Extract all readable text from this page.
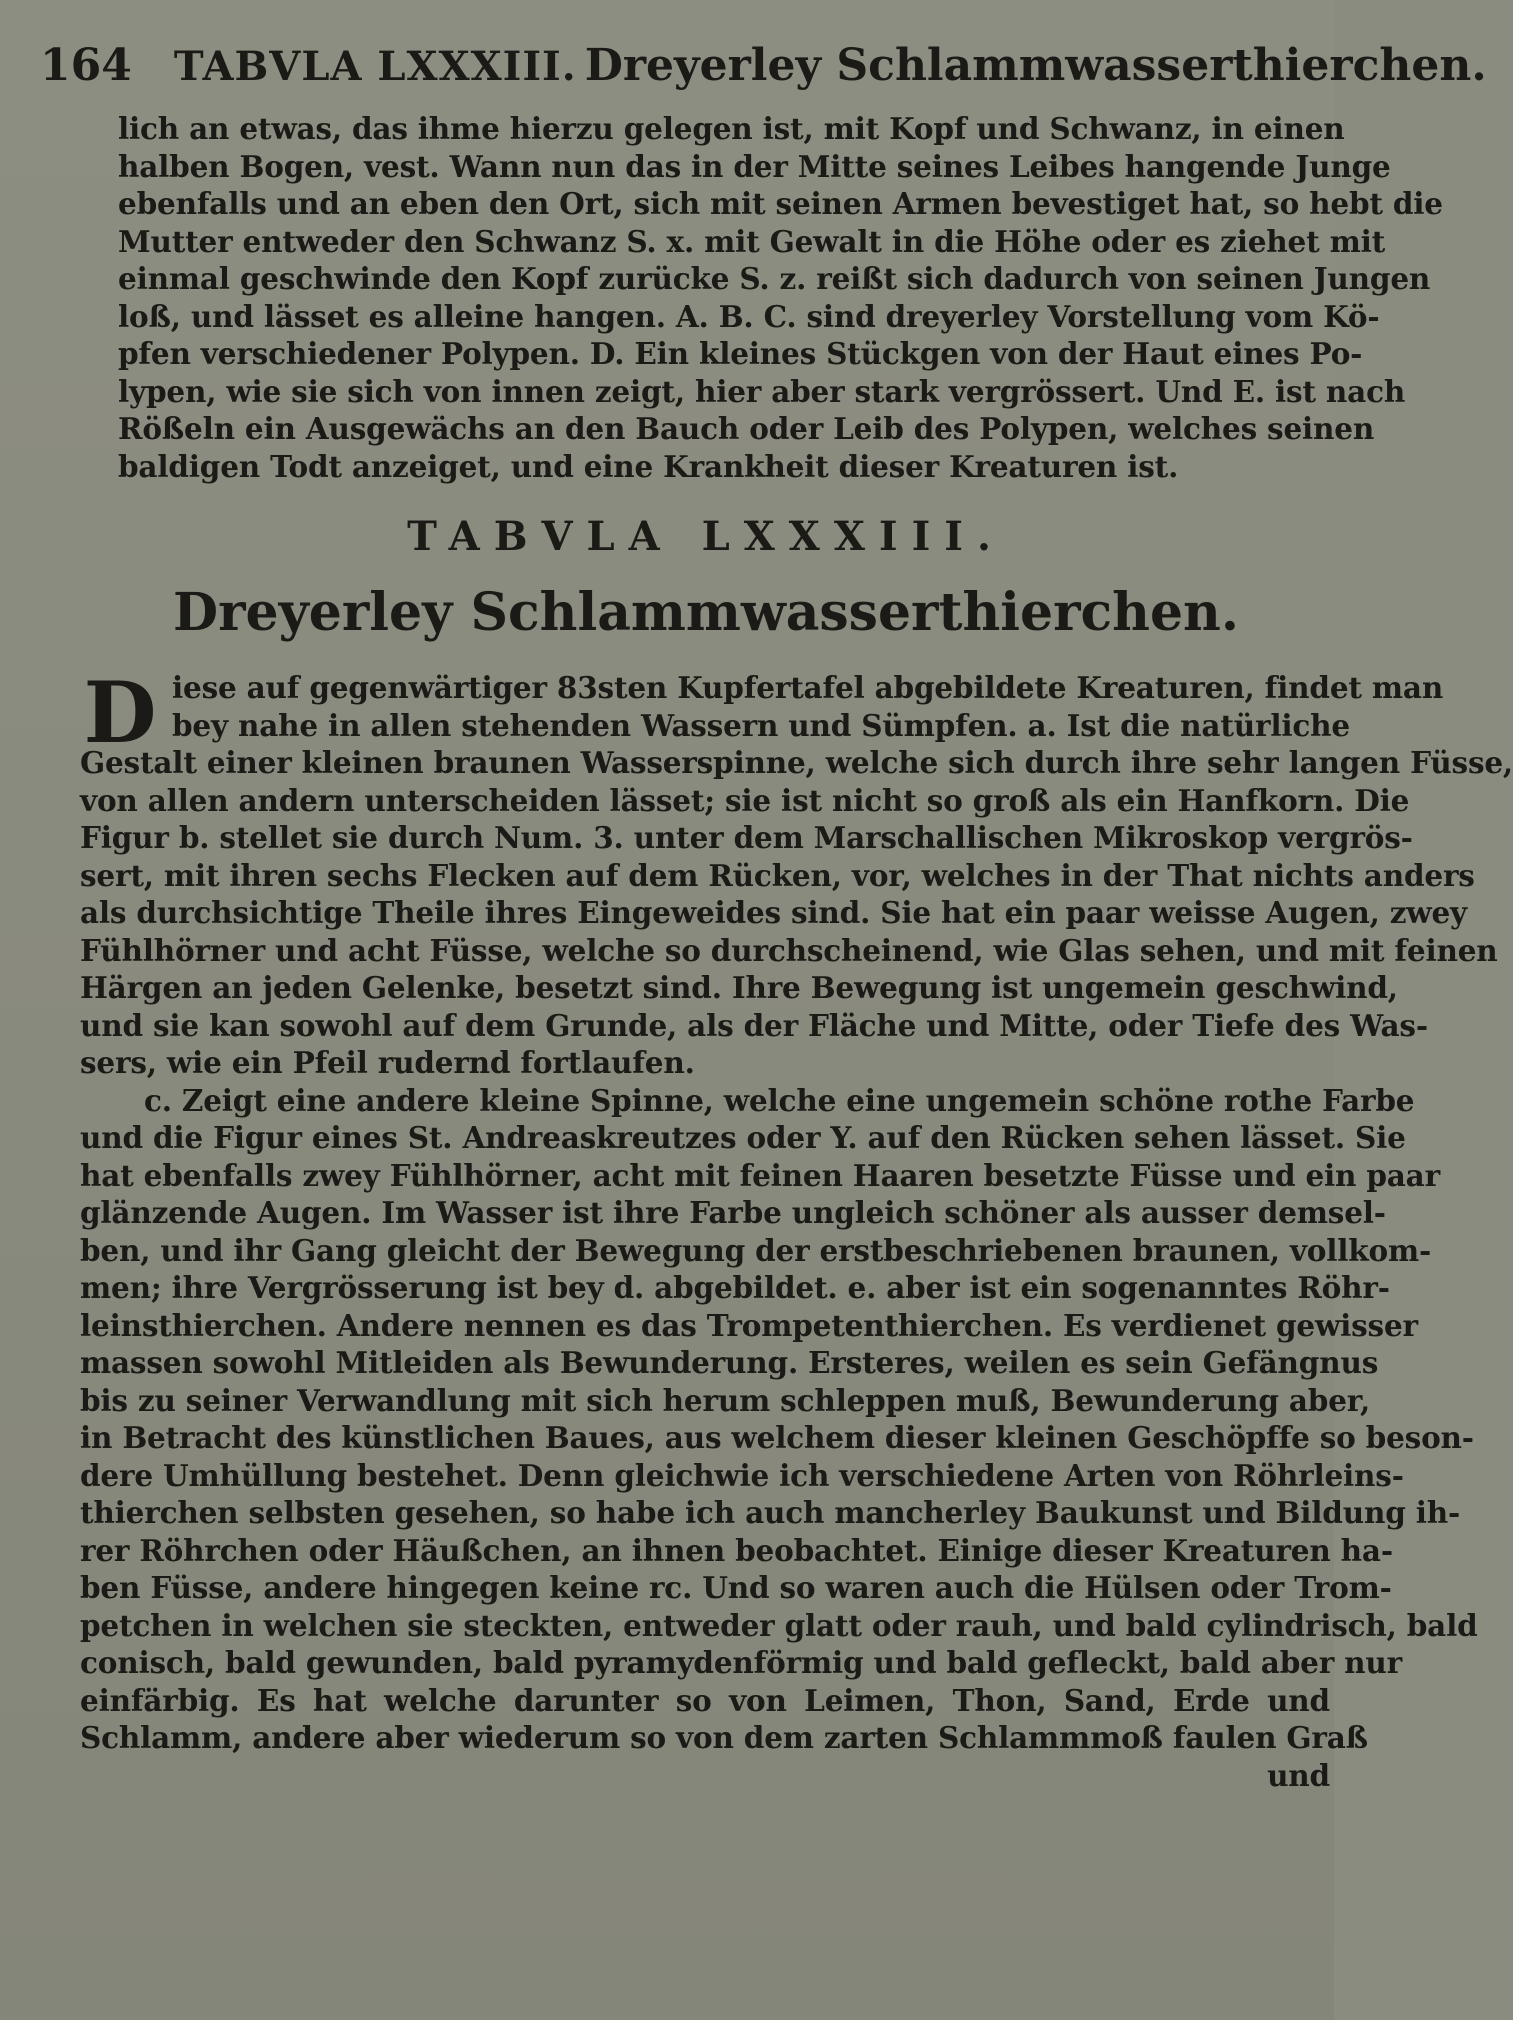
164 TABVLA LXXXIII. Dreyerley Schlammwasserthierchen.
lich an etwas, das ihme hierzu gelegen ist, mit Kopf und Schwanz, in einen
halben Bogen, vest. Wann nun das in der Mitte seines Leibes hangende Junge
ebenfalls und an eben den Ort, sich mit seinen Armen bevestiget hat, so hebt die
Mutter entweder den Schwanz S. x. mit Gewalt in die Höhe oder es ziehet mit
einmal geschwinde den Kopf zurücke S. z. reißt sich dadurch von seinen Jungen
loß, und lässet es alleine hangen. A. B. C. sind dreyerley Vorstellung vom Kö-
pfen verschiedener Polypen. D. Ein kleines Stückgen von der Haut eines Po-
lypen, wie sie sich von innen zeigt, hier aber stark vergrössert. Und E. ist nach
Rößeln ein Ausgewächs an den Bauch oder Leib des Polypen, welches seinen
baldigen Todt anzeiget, und eine Krankheit dieser Kreaturen ist.
TABVLA LXXXIII.
Dreyerley Schlammwasserthierchen.
D iese auf gegenwärtiger 83sten Kupfertafel abgebildete Kreaturen, findet man
bey nahe in allen stehenden Wassern und Sümpfen. a. Ist die natürliche
Gestalt einer kleinen braunen Wasserspinne, welche sich durch ihre sehr langen Füsse,
von allen andern unterscheiden lässet; sie ist nicht so groß als ein Hanfkorn. Die
Figur b. stellet sie durch Num. 3. unter dem Marschallischen Mikroskop vergrös-
sert, mit ihren sechs Flecken auf dem Rücken, vor, welches in der That nichts anders
als durchsichtige Theile ihres Eingeweides sind. Sie hat ein paar weisse Augen, zwey
Fühlhörner und acht Füsse, welche so durchscheinend, wie Glas sehen, und mit feinen
Härgen an jeden Gelenke, besetzt sind. Ihre Bewegung ist ungemein geschwind,
und sie kan sowohl auf dem Grunde, als der Fläche und Mitte, oder Tiefe des Was-
sers, wie ein Pfeil rudernd fortlaufen.
c. Zeigt eine andere kleine Spinne, welche eine ungemein schöne rothe Farbe
und die Figur eines St. Andreaskreutzes oder Y. auf den Rücken sehen lässet. Sie
hat ebenfalls zwey Fühlhörner, acht mit feinen Haaren besetzte Füsse und ein paar
glänzende Augen. Im Wasser ist ihre Farbe ungleich schöner als ausser demsel-
ben, und ihr Gang gleicht der Bewegung der erstbeschriebenen braunen, vollkom-
men; ihre Vergrösserung ist bey d. abgebildet. e. aber ist ein sogenanntes Röhr-
leinsthierchen. Andere nennen es das Trompetenthierchen. Es verdienet gewisser
massen sowohl Mitleiden als Bewunderung. Ersteres, weilen es sein Gefängnus
bis zu seiner Verwandlung mit sich herum schleppen muß, Bewunderung aber,
in Betracht des künstlichen Baues, aus welchem dieser kleinen Geschöpffe so beson-
dere Umhüllung bestehet. Denn gleichwie ich verschiedene Arten von Röhrleins-
thierchen selbsten gesehen, so habe ich auch mancherley Baukunst und Bildung ih-
rer Röhrchen oder Häußchen, an ihnen beobachtet. Einige dieser Kreaturen ha-
ben Füsse, andere hingegen keine rc. Und so waren auch die Hülsen oder Trom-
petchen in welchen sie steckten, entweder glatt oder rauh, und bald cylindrisch, bald
conisch, bald gewunden, bald pyramydenförmig und bald gefleckt, bald aber nur
einfärbig. Es hat welche darunter so von Leimen, Thon, Sand, Erde und
Schlamm, andere aber wiederum so von dem zarten Schlammmoß faulen Graß
und
